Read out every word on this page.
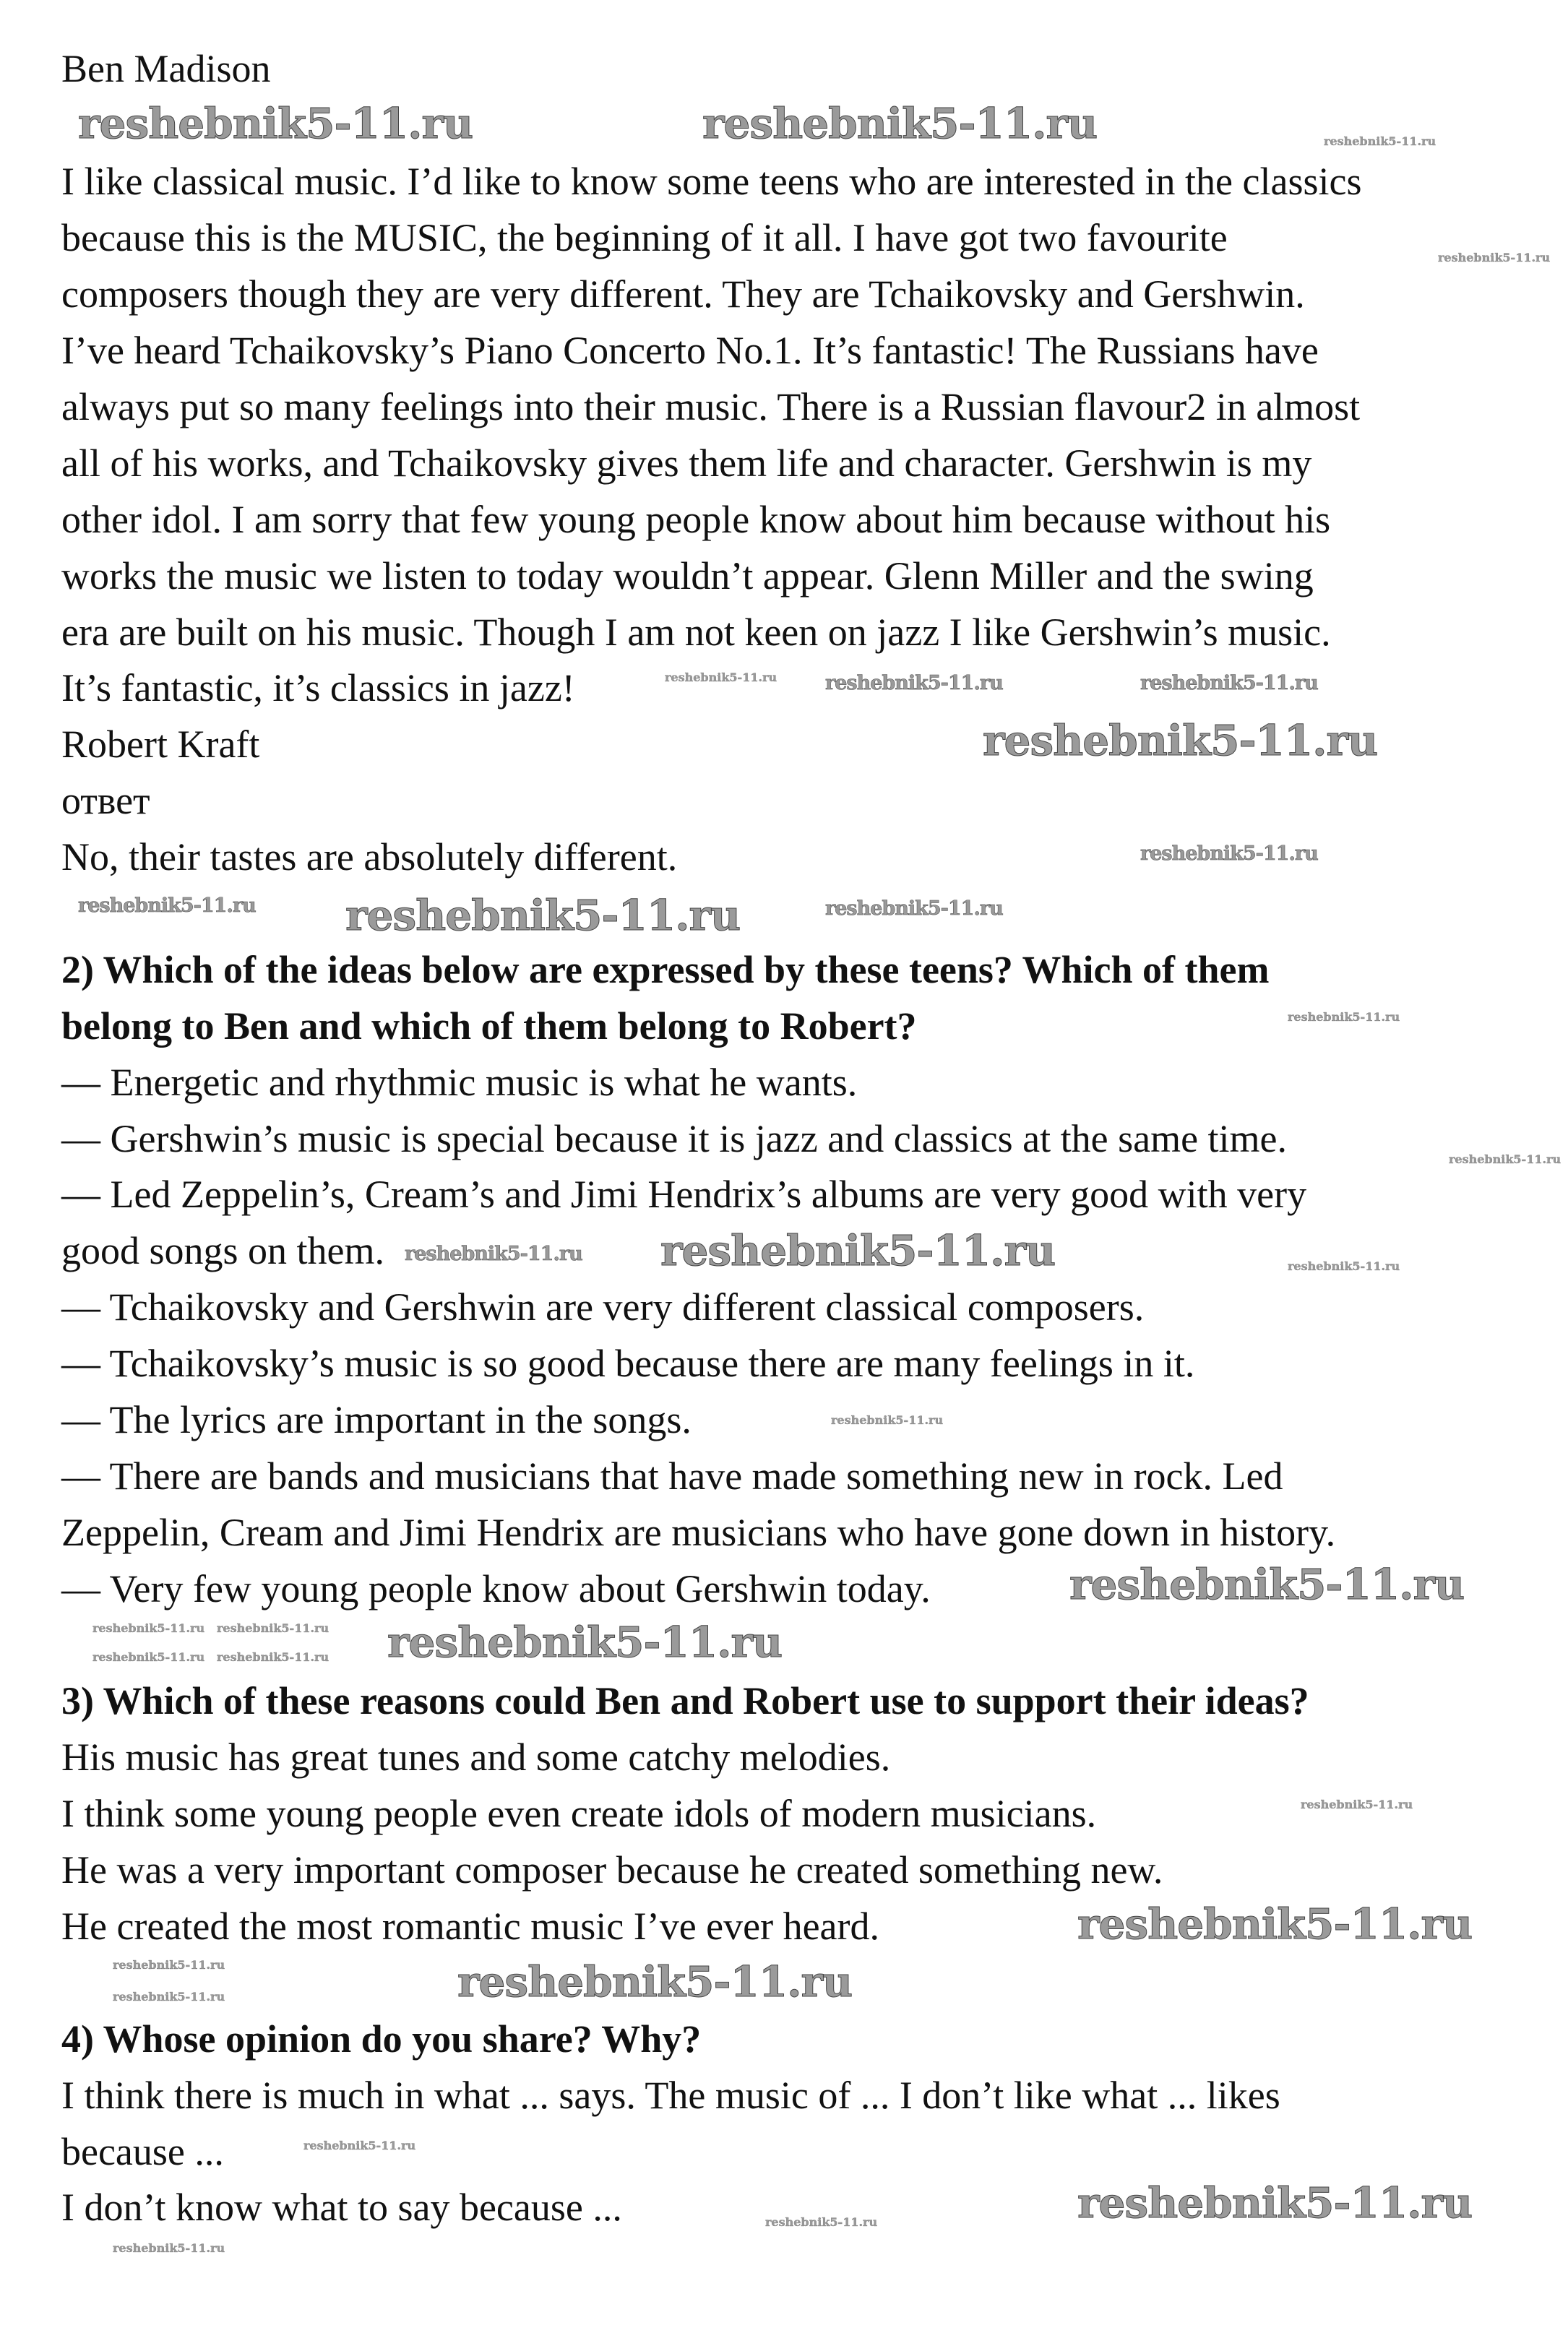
Ben Madison
I like classical music. I’d like to know some teens who are interested in the classics
because this is the MUSIC, the beginning of it all. I have got two favourite
composers though they are very different. They are Tchaikovsky and Gershwin.
I’ve heard Tchaikovsky’s Piano Concerto No.1. It’s fantastic! The Russians have
always put so many feelings into their music. There is a Russian flavour2 in almost
all of his works, and Tchaikovsky gives them life and character. Gershwin is my
other idol. I am sorry that few young people know about him because without his
works the music we listen to today wouldn’t appear. Glenn Miller and the swing
era are built on his music. Though I am not keen on jazz I like Gershwin’s music.
It’s fantastic, it’s classics in jazz!
Robert Kraft
ответ
No, their tastes are absolutely different.
2) Which of the ideas below are expressed by these teens? Which of them
belong to Ben and which of them belong to Robert?
— Energetic and rhythmic music is what he wants.
— Gershwin’s music is special because it is jazz and classics at the same time.
— Led Zeppelin’s, Cream’s and Jimi Hendrix’s albums are very good with very
good songs on them.
— Tchaikovsky and Gershwin are very different classical composers.
— Tchaikovsky’s music is so good because there are many feelings in it.
— The lyrics are important in the songs.
— There are bands and musicians that have made something new in rock. Led
Zeppelin, Cream and Jimi Hendrix are musicians who have gone down in history.
— Very few young people know about Gershwin today.
3) Which of these reasons could Ben and Robert use to support their ideas?
His music has great tunes and some catchy melodies.
I think some young people even create idols of modern musicians.
He was a very important composer because he created something new.
He created the most romantic music I’ve ever heard.
4) Whose opinion do you share? Why?
I think there is much in what ... says. The music of ... I don’t like what ... likes
because ...
I don’t know what to say because ...
reshebnik5-11.ru	reshebnik5-11.ru
reshebnik5-11.ru
reshebnik5-11.ru
reshebnik5-11.ru
reshebnik5-11.ru
reshebnik5-11.ru
reshebnik5-11.ru
reshebnik5-11.ru
reshebnik5-11.ru
reshebnik5-11.ru	reshebnik5-11.ru
reshebnik5-11.ru	reshebnik5-11.ru
reshebnik5-11.ru
reshebnik5-11.ru
reshebnik5-11.ru
reshebnik5-11.ru
reshebnik5-11.ru
reshebnik5-11.ru
reshebnik5-11.ru
reshebnik5-11.ru
reshebnik5-11.ru
reshebnik5-11.ru
reshebnik5-11.ru
reshebnik5-11.ru reshebnik5-11.ru
reshebnik5-11.ru
reshebnik5-11.ru
reshebnik5-11.ru
reshebnik5-11.ru
reshebnik5-11.ru
reshebnik5-11.ru
